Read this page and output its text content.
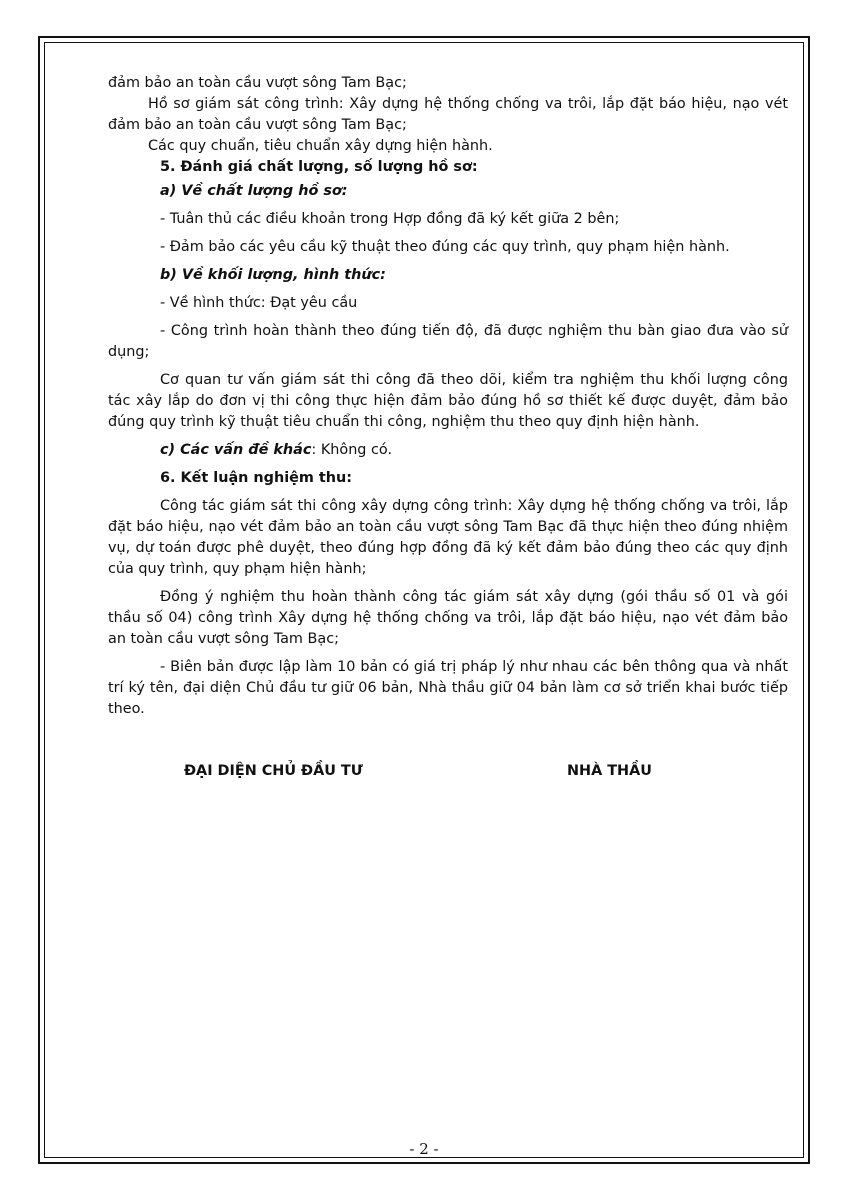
đảm bảo an toàn cầu vượt sông Tam Bạc;

Hồ sơ giám sát công trình: Xây dựng hệ thống chống va trôi, lắp đặt báo hiệu, nạo vét đảm bảo an toàn cầu vượt sông Tam Bạc;

Các quy chuẩn, tiêu chuẩn xây dựng hiện hành.

5. Đánh giá chất lượng, số lượng hồ sơ:

a) Về chất lượng hồ sơ:

- Tuân thủ các điều khoản trong Hợp đồng đã ký kết giữa 2 bên;

- Đảm bảo các yêu cầu kỹ thuật theo đúng các quy trình, quy phạm hiện hành.

b) Về khối lượng, hình thức:

- Về hình thức: Đạt yêu cầu

- Công trình hoàn thành theo đúng tiến độ, đã được nghiệm thu bàn giao đưa vào sử dụng;

Cơ quan tư vấn giám sát thi công đã theo dõi, kiểm tra nghiệm thu khối lượng công tác xây lắp do đơn vị thi công thực hiện đảm bảo đúng hồ sơ thiết kế được duyệt, đảm bảo đúng quy trình kỹ thuật tiêu chuẩn thi công, nghiệm thu theo quy định hiện hành.

c) Các vấn đề khác: Không có.

6. Kết luận nghiệm thu:

Công tác giám sát thi công xây dựng công trình: Xây dựng hệ thống chống va trôi, lắp đặt báo hiệu, nạo vét đảm bảo an toàn cầu vượt sông Tam Bạc đã thực hiện theo đúng nhiệm vụ, dự toán được phê duyệt, theo đúng hợp đồng đã ký kết đảm bảo đúng theo các quy định của quy trình, quy phạm hiện hành;

Đồng ý nghiệm thu hoàn thành công tác giám sát xây dựng (gói thầu số 01 và gói thầu số 04) công trình Xây dựng hệ thống chống va trôi, lắp đặt báo hiệu, nạo vét đảm bảo an toàn cầu vượt sông Tam Bạc;

- Biên bản được lập làm 10 bản có giá trị pháp lý như nhau các bên thông qua và nhất trí ký tên, đại diện Chủ đầu tư giữ 06 bản, Nhà thầu giữ 04 bản làm cơ sở triển khai bước tiếp theo.

ĐẠI DIỆN CHỦ ĐẦU TƯ	NHÀ THẦU
- 2 -
